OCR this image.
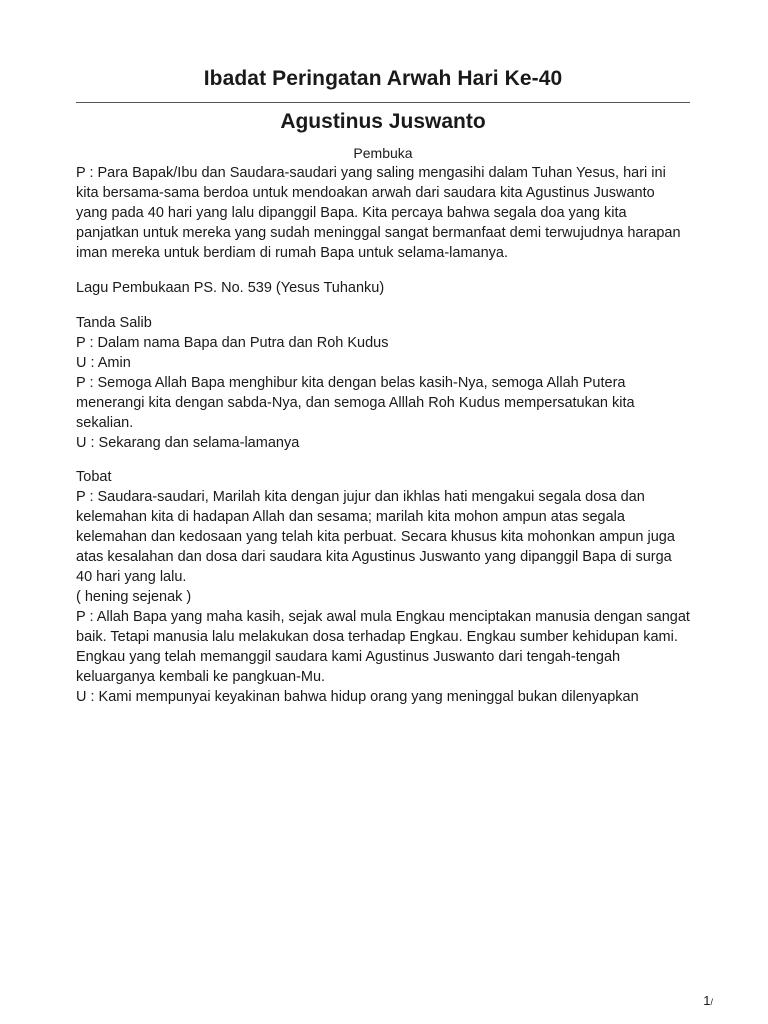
Ibadat Peringatan Arwah Hari Ke-40
Agustinus Juswanto

Pembuka

P : Para Bapak/Ibu dan Saudara-saudari yang saling mengasihi dalam Tuhan Yesus, hari ini kita bersama-sama berdoa untuk mendoakan arwah dari saudara kita Agustinus Juswanto yang pada 40 hari yang lalu dipanggil Bapa. Kita percaya bahwa segala doa yang kita panjatkan untuk mereka yang sudah meninggal sangat bermanfaat demi terwujudnya harapan iman mereka untuk berdiam di rumah Bapa untuk selama-lamanya.

Lagu Pembukaan PS. No. 539 (Yesus Tuhanku)

Tanda Salib

P : Dalam nama Bapa dan Putra dan Roh Kudus

U : Amin

P : Semoga Allah Bapa menghibur kita dengan belas kasih-Nya, semoga Allah Putera menerangi kita dengan sabda-Nya, dan semoga Alllah Roh Kudus mempersatukan kita sekalian.

U : Sekarang dan selama-lamanya

Tobat

P : Saudara-saudari, Marilah kita dengan jujur dan ikhlas hati mengakui segala dosa dan kelemahan kita di hadapan Allah dan sesama; marilah kita mohon ampun atas segala kelemahan dan kedosaan yang telah kita perbuat. Secara khusus kita mohonkan ampun juga atas kesalahan dan dosa dari saudara kita Agustinus Juswanto yang dipanggil Bapa di surga 40 hari yang lalu.

( hening sejenak )

P : Allah Bapa yang maha kasih, sejak awal mula Engkau menciptakan manusia dengan sangat baik. Tetapi manusia lalu melakukan dosa terhadap Engkau. Engkau sumber kehidupan kami. Engkau yang telah memanggil saudara kami Agustinus Juswanto dari tengah-tengah keluarganya kembali ke pangkuan-Mu.

U : Kami mempunyai keyakinan bahwa hidup orang yang meninggal bukan dilenyapkan

1/
